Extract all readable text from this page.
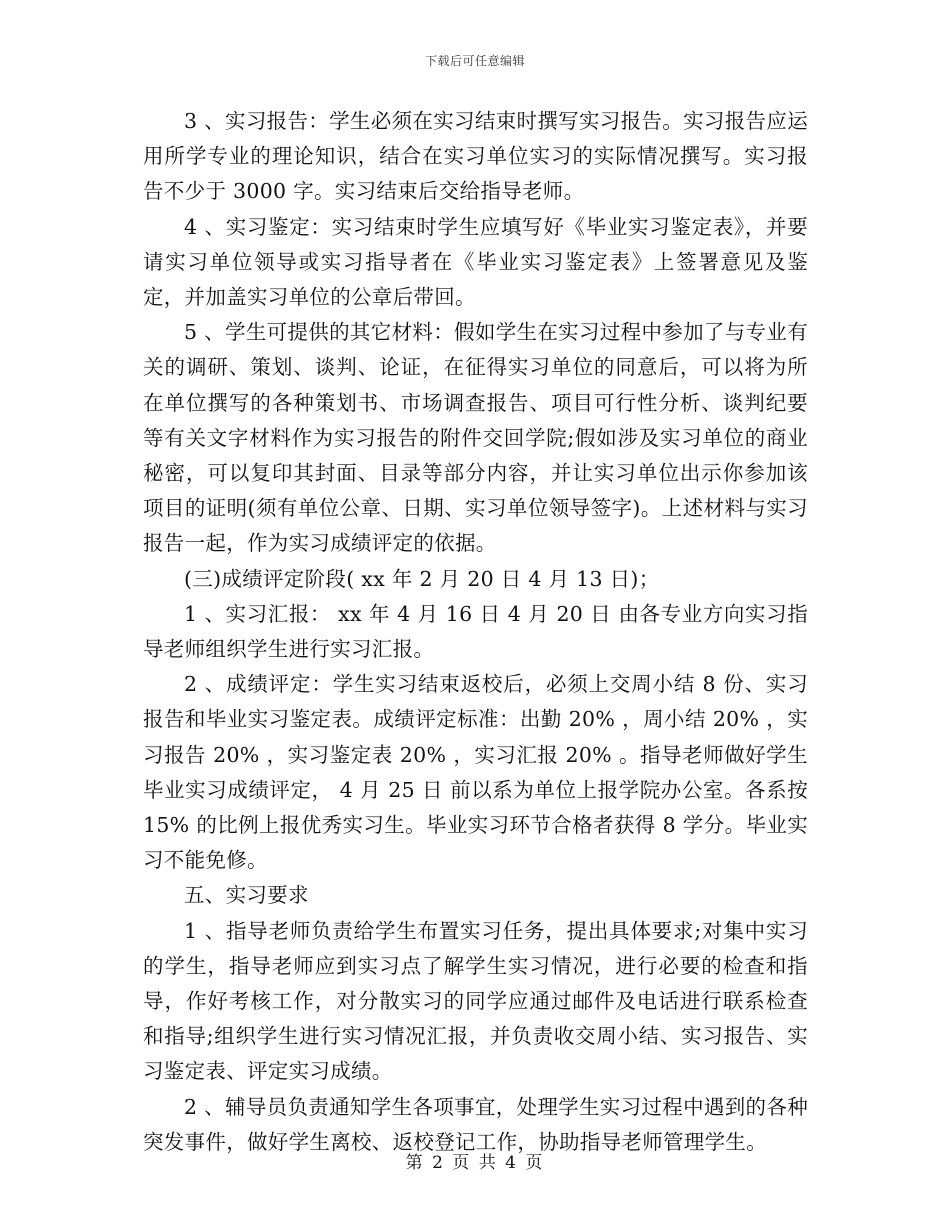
下载后可任意编辑

3 、实习报告：学生必须在实习结束时撰写实习报告。实习报告应运用所学专业的理论知识，结合在实习单位实习的实际情况撰写。实习报告不少于 3000 字。实习结束后交给指导老师。

4 、实习鉴定：实习结束时学生应填写好《毕业实习鉴定表》，并要请实习单位领导或实习指导者在《毕业实习鉴定表》上签署意见及鉴定，并加盖实习单位的公章后带回。

5 、学生可提供的其它材料：假如学生在实习过程中参加了与专业有关的调研、策划、谈判、论证，在征得实习单位的同意后，可以将为所在单位撰写的各种策划书、市场调查报告、项目可行性分析、谈判纪要等有关文字材料作为实习报告的附件交回学院;假如涉及实习单位的商业秘密，可以复印其封面、目录等部分内容，并让实习单位出示你参加该项目的证明(须有单位公章、日期、实习单位领导签字)。上述材料与实习报告一起，作为实习成绩评定的依据。

(三)成绩评定阶段( xx 年 2 月 20 日 4 月 13 日)；

1 、实习汇报： xx 年 4 月 16 日 4 月 20 日 由各专业方向实习指导老师组织学生进行实习汇报。

2 、成绩评定：学生实习结束返校后，必须上交周小结 8 份、实习报告和毕业实习鉴定表。成绩评定标准：出勤 20% ，周小结 20% ，实习报告 20% ，实习鉴定表 20% ，实习汇报 20% 。指导老师做好学生毕业实习成绩评定， 4 月 25 日 前以系为单位上报学院办公室。各系按 15% 的比例上报优秀实习生。毕业实习环节合格者获得 8 学分。毕业实习不能免修。

五、实习要求

1 、指导老师负责给学生布置实习任务，提出具体要求;对集中实习的学生，指导老师应到实习点了解学生实习情况，进行必要的检查和指导，作好考核工作，对分散实习的同学应通过邮件及电话进行联系检查和指导;组织学生进行实习情况汇报，并负责收交周小结、实习报告、实习鉴定表、评定实习成绩。

2 、辅导员负责通知学生各项事宜，处理学生实习过程中遇到的各种突发事件，做好学生离校、返校登记工作，协助指导老师管理学生。

第 2 页 共 4 页
